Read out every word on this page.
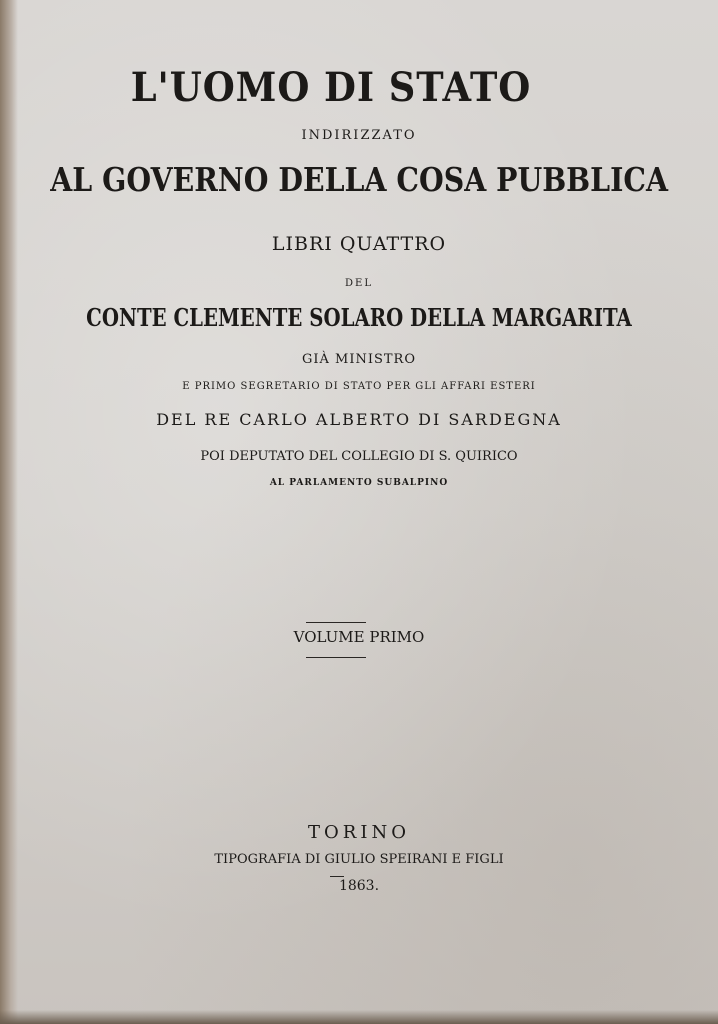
L'UOMO DI STATO

INDIRIZZATO

AL GOVERNO DELLA COSA PUBBLICA

LIBRI QUATTRO

DEL

CONTE CLEMENTE SOLARO DELLA MARGARITA

GIÀ MINISTRO

E PRIMO SEGRETARIO DI STATO PER GLI AFFARI ESTERI

DEL RE CARLO ALBERTO DI SARDEGNA

POI DEPUTATO DEL COLLEGIO DI S. QUIRICO

AL PARLAMENTO SUBALPINO

VOLUME PRIMO

TORINO

TIPOGRAFIA DI GIULIO SPEIRANI E FIGLI

1863.
